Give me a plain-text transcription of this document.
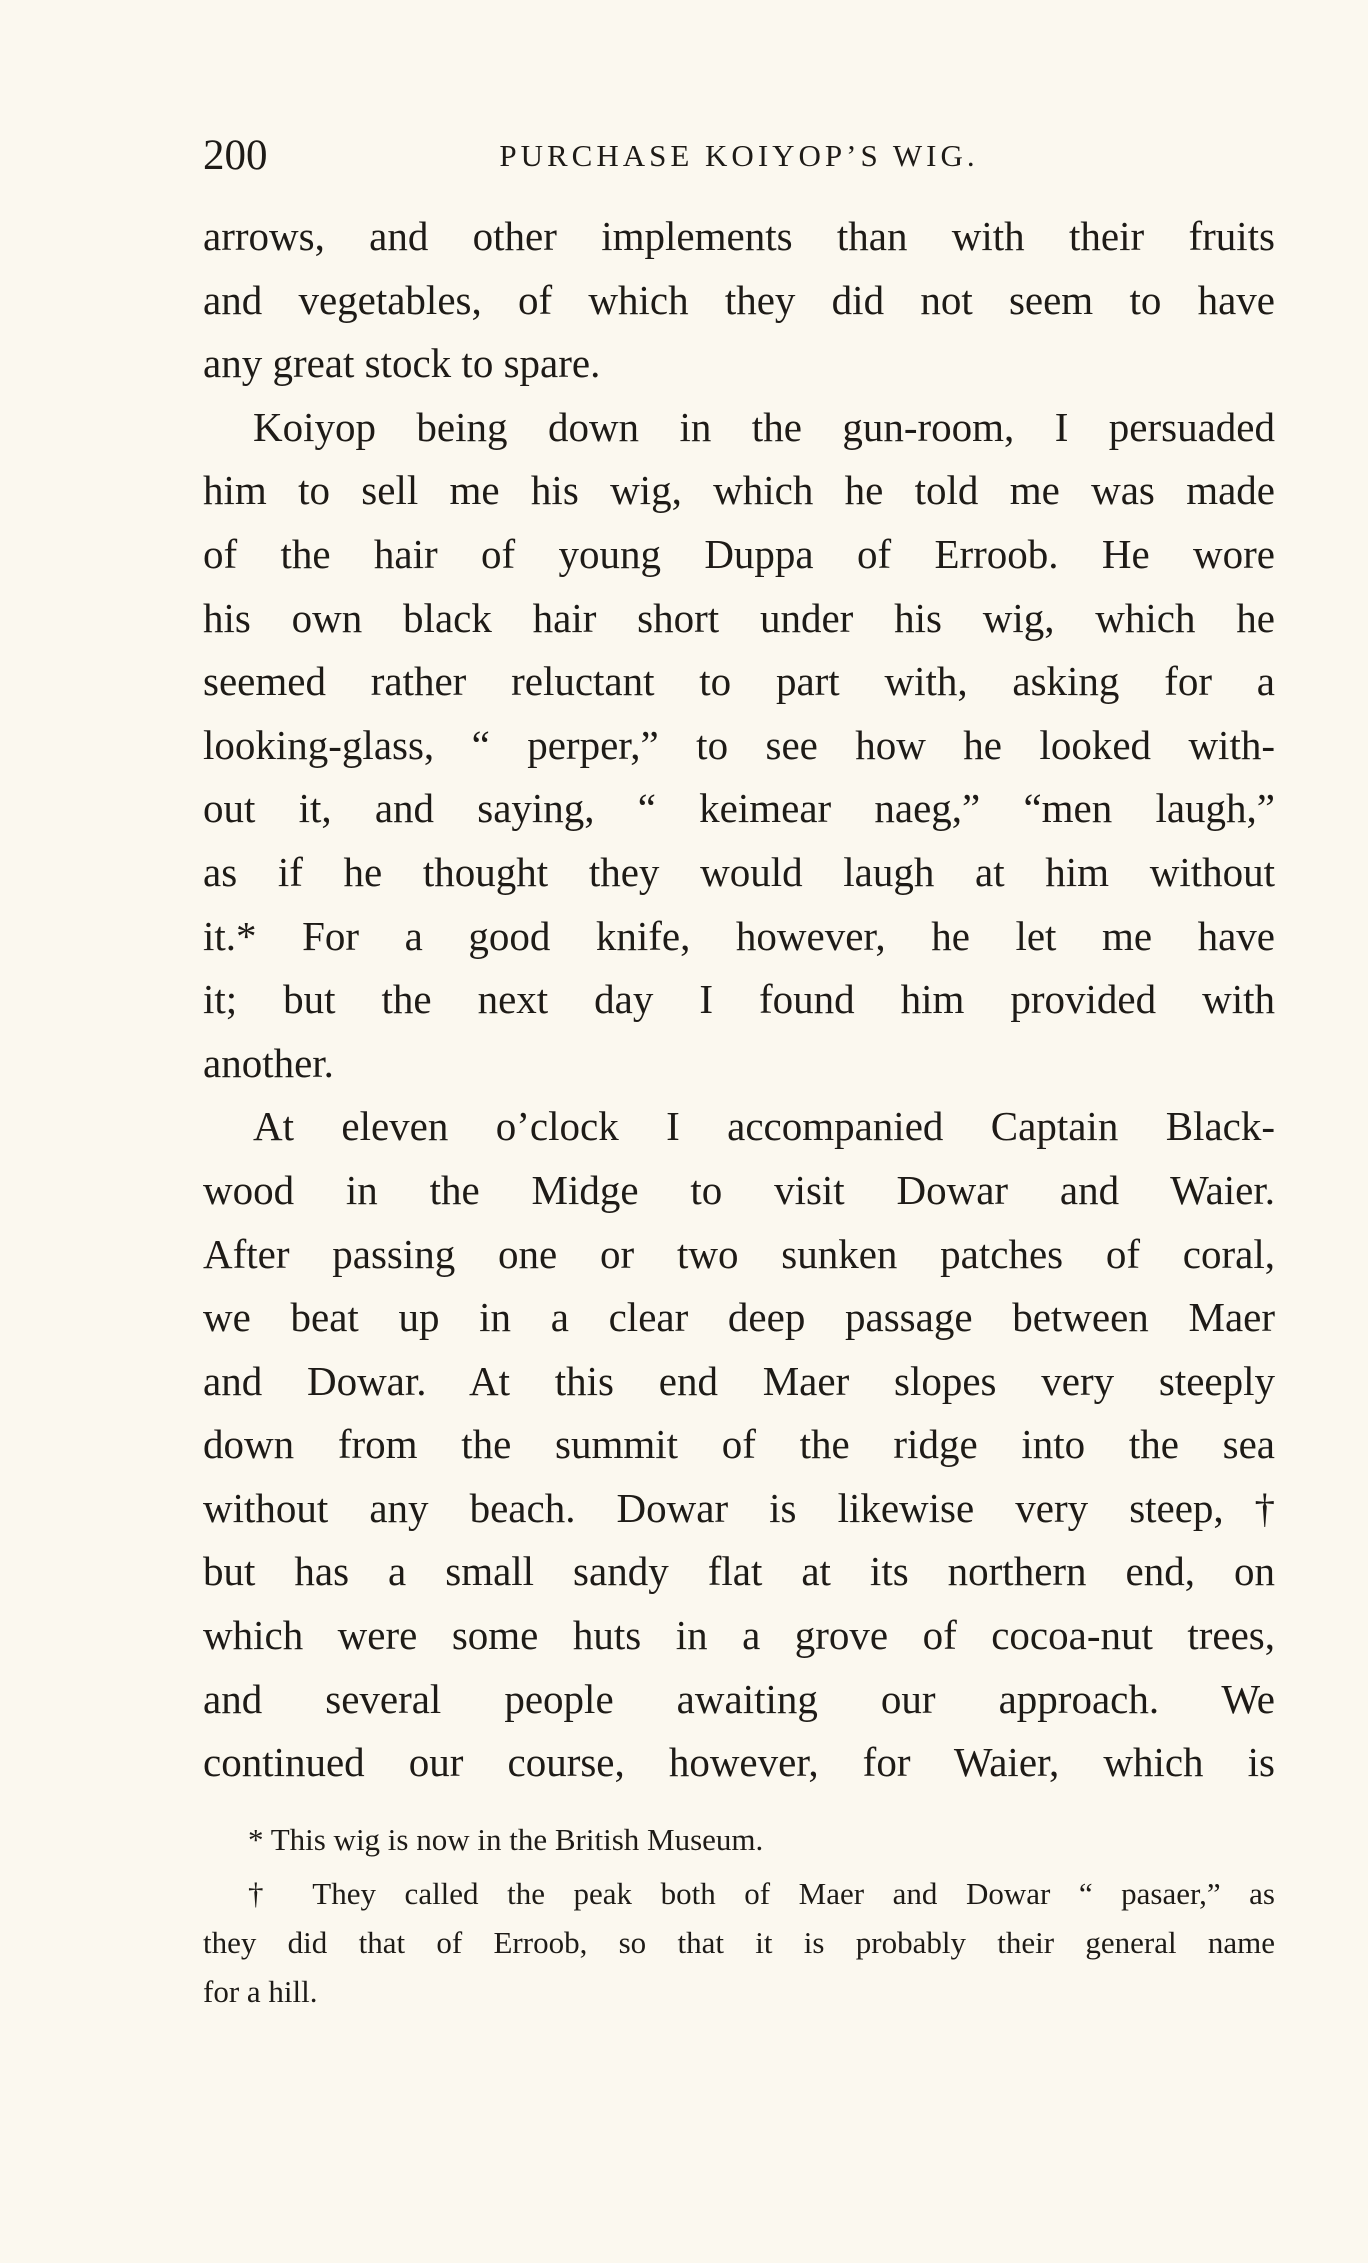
200	PURCHASE KOIYOP’S WIG.
arrows, and other implements than with their fruits
and vegetables, of which they did not seem to have
any great stock to spare.
Koiyop being down in the gun-room, I persuaded
him to sell me his wig, which he told me was made
of the hair of young Duppa of Erroob. He wore
his own black hair short under his wig, which he
seemed rather reluctant to part with, asking for a
looking-glass, “ perper,” to see how he looked with-
out it, and saying, “ keimear naeg,” “men laugh,”
as if he thought they would laugh at him without
it.* For a good knife, however, he let me have
it; but the next day I found him provided with
another.
At eleven o’clock I accompanied Captain Black-
wood in the Midge to visit Dowar and Waier.
After passing one or two sunken patches of coral,
we beat up in a clear deep passage between Maer
and Dowar. At this end Maer slopes very steeply
down from the summit of the ridge into the sea
without any beach. Dowar is likewise very steep,†
but has a small sandy flat at its northern end, on
which were some huts in a grove of cocoa-nut trees,
and several people awaiting our approach. We
continued our course, however, for Waier, which is
* This wig is now in the British Museum.
† They called the peak both of Maer and Dowar “ pasaer,” as
they did that of Erroob, so that it is probably their general name
for a hill.
